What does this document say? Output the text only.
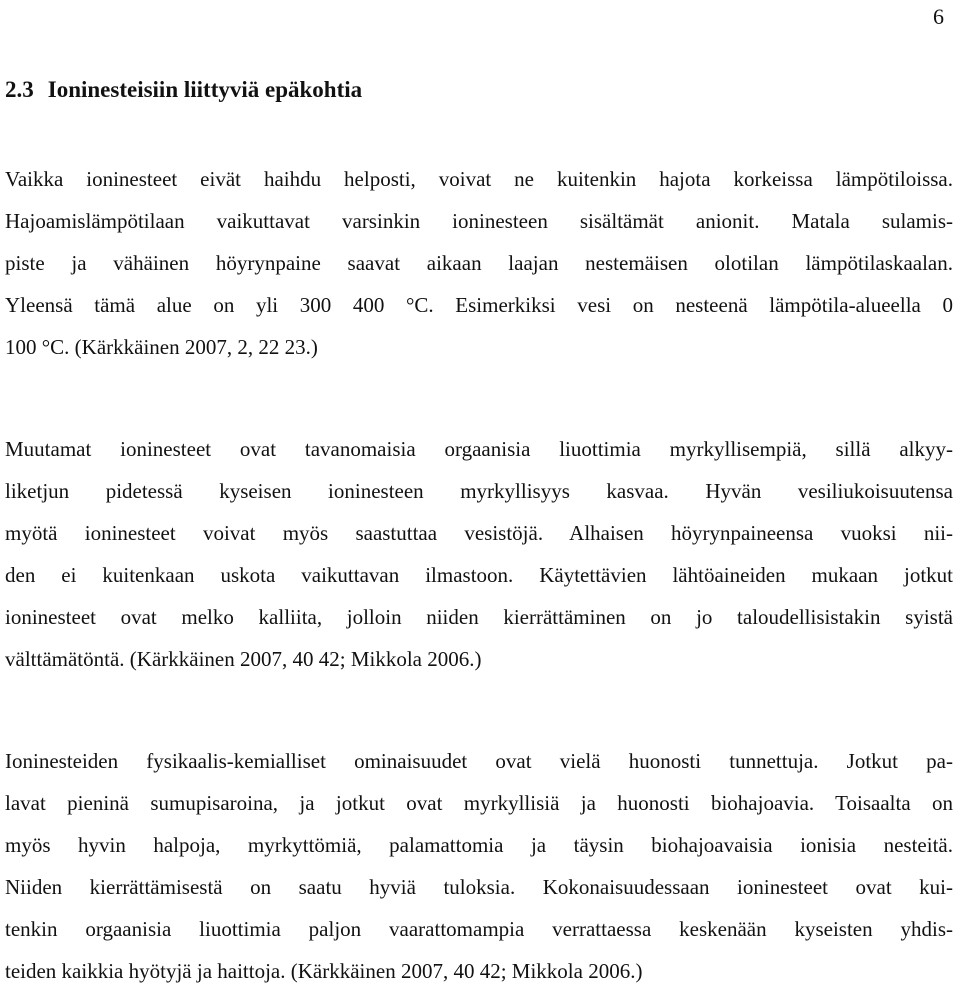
6
2.3 Ioninesteisiin liittyviä epäkohtia
Vaikka ioninesteet eivät haihdu helposti, voivat ne kuitenkin hajota korkeissa lämpötiloissa.
Hajoamislämpötilaan vaikuttavat varsinkin ioninesteen sisältämät anionit. Matala sulamis-
piste ja vähäinen höyrynpaine saavat aikaan laajan nestemäisen olotilan lämpötilaskaalan.
Yleensä tämä alue on yli 300 400 °C. Esimerkiksi vesi on nesteenä lämpötila-alueella 0
100 °C. (Kärkkäinen 2007, 2, 22 23.)
Muutamat ioninesteet ovat tavanomaisia orgaanisia liuottimia myrkyllisempiä, sillä alkyy-
liketjun pidetessä kyseisen ioninesteen myrkyllisyys kasvaa. Hyvän vesiliukoisuutensa
myötä ioninesteet voivat myös saastuttaa vesistöjä. Alhaisen höyrynpaineensa vuoksi nii-
den ei kuitenkaan uskota vaikuttavan ilmastoon. Käytettävien lähtöaineiden mukaan jotkut
ioninesteet ovat melko kalliita, jolloin niiden kierrättäminen on jo taloudellisistakin syistä
välttämätöntä. (Kärkkäinen 2007, 40 42; Mikkola 2006.)
Ioninesteiden fysikaalis-kemialliset ominaisuudet ovat vielä huonosti tunnettuja. Jotkut pa-
lavat pieninä sumupisaroina, ja jotkut ovat myrkyllisiä ja huonosti biohajoavia. Toisaalta on
myös hyvin halpoja, myrkyttömiä, palamattomia ja täysin biohajoavaisia ionisia nesteitä.
Niiden kierrättämisestä on saatu hyviä tuloksia. Kokonaisuudessaan ioninesteet ovat kui-
tenkin orgaanisia liuottimia paljon vaarattomampia verrattaessa keskenään kyseisten yhdis-
teiden kaikkia hyötyjä ja haittoja. (Kärkkäinen 2007, 40 42; Mikkola 2006.)
